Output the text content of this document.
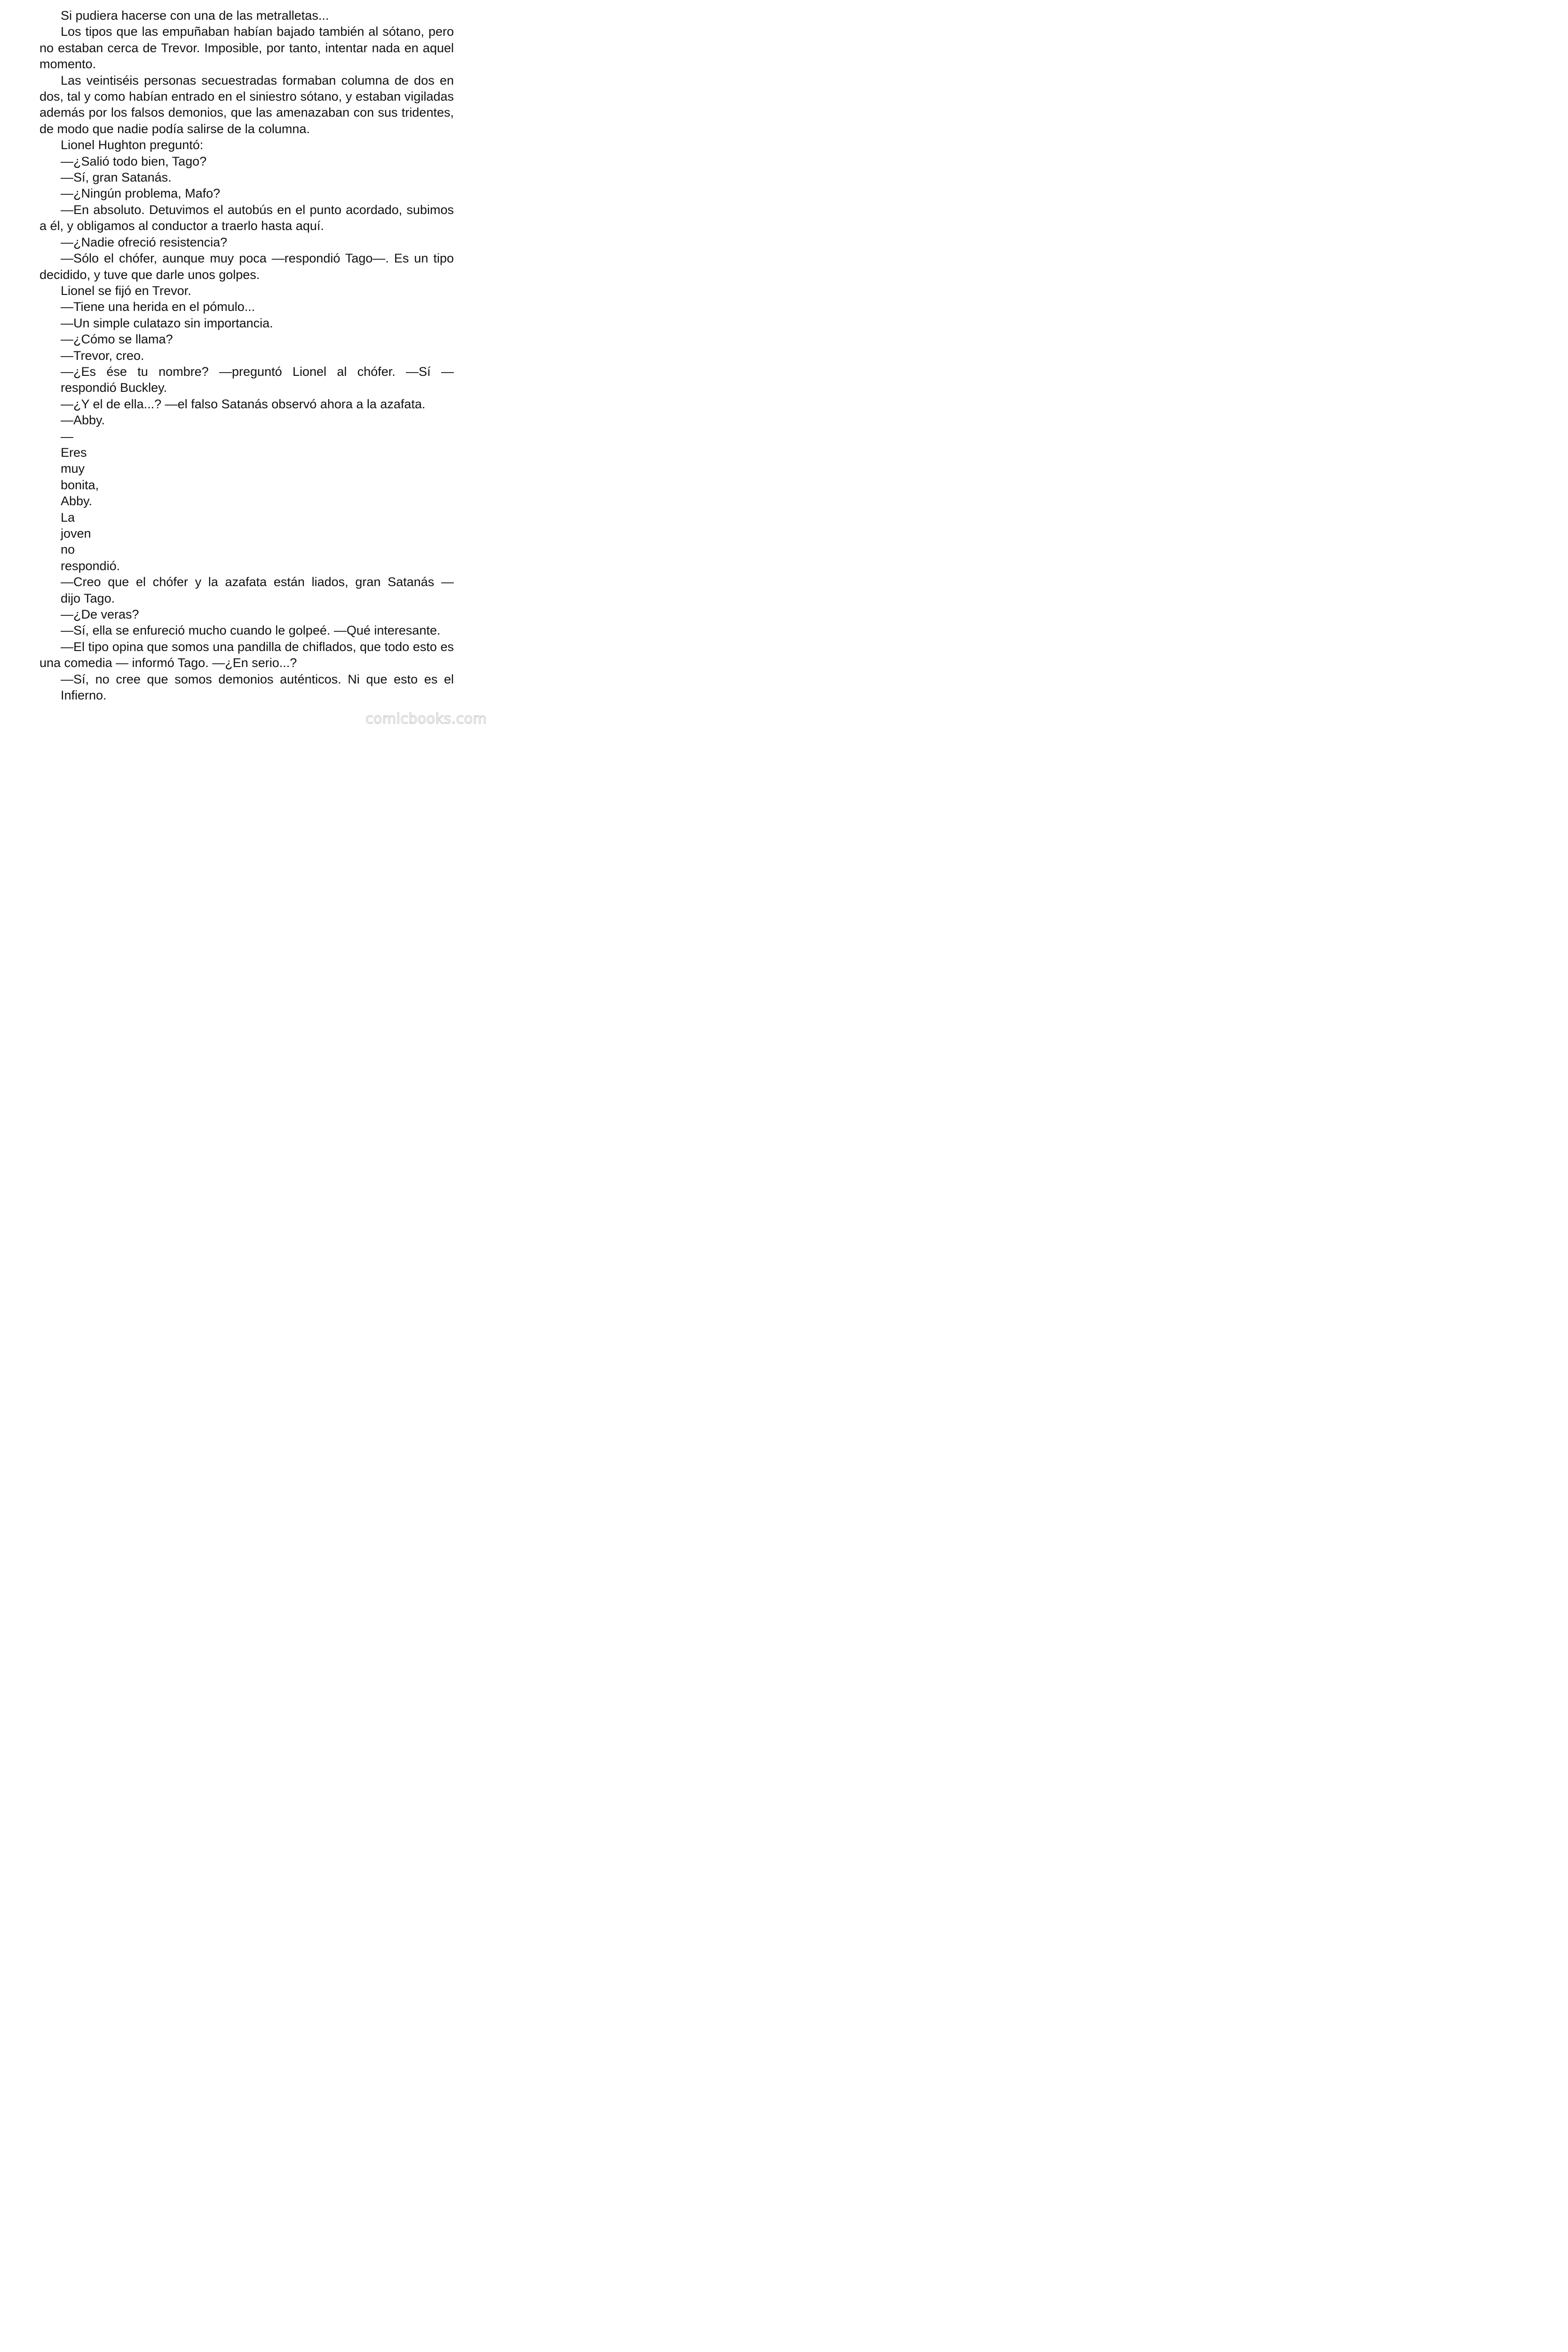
Si pudiera hacerse con una de las metralletas...

Los tipos que las empuñaban habían bajado también al sótano, pero no estaban cerca de Trevor. Imposible, por tanto, intentar nada en aquel momento.

Las veintiséis personas secuestradas formaban columna de dos en dos, tal y como habían entrado en el siniestro sótano, y estaban vigiladas además por los falsos demonios, que las amenazaban con sus tridentes, de modo que nadie podía salirse de la columna.

Lionel Hughton preguntó:

—¿Salió todo bien, Tago?

—Sí, gran Satanás.

—¿Ningún problema, Mafo?

—En absoluto. Detuvimos el autobús en el punto acordado, subimos a él, y obligamos al conductor a traerlo hasta aquí.

—¿Nadie ofreció resistencia?

—Sólo el chófer, aunque muy poca —respondió Tago—. Es un tipo decidido, y tuve que darle unos golpes.

Lionel se fijó en Trevor.

—Tiene una herida en el pómulo...

—Un simple culatazo sin importancia.

—¿Cómo se llama?

—Trevor, creo.

—¿Es ése tu nombre? —preguntó Lionel al chófer. —Sí —

respondió Buckley.

—¿Y el de ella...? —el falso Satanás observó ahora a la azafata.

—Abby.

—

Eres

muy

bonita,

Abby.

La

joven

no

respondió.

—Creo que el chófer y la azafata están liados, gran Satanás —

dijo Tago.

—¿De veras?

—Sí, ella se enfureció mucho cuando le golpeé. —Qué interesante.

—El tipo opina que somos una pandilla de chiflados, que todo esto es una comedia — informó Tago. —¿En serio...?

—Sí, no cree que somos demonios auténticos. Ni que esto es el Infierno.

comicbooks.com
